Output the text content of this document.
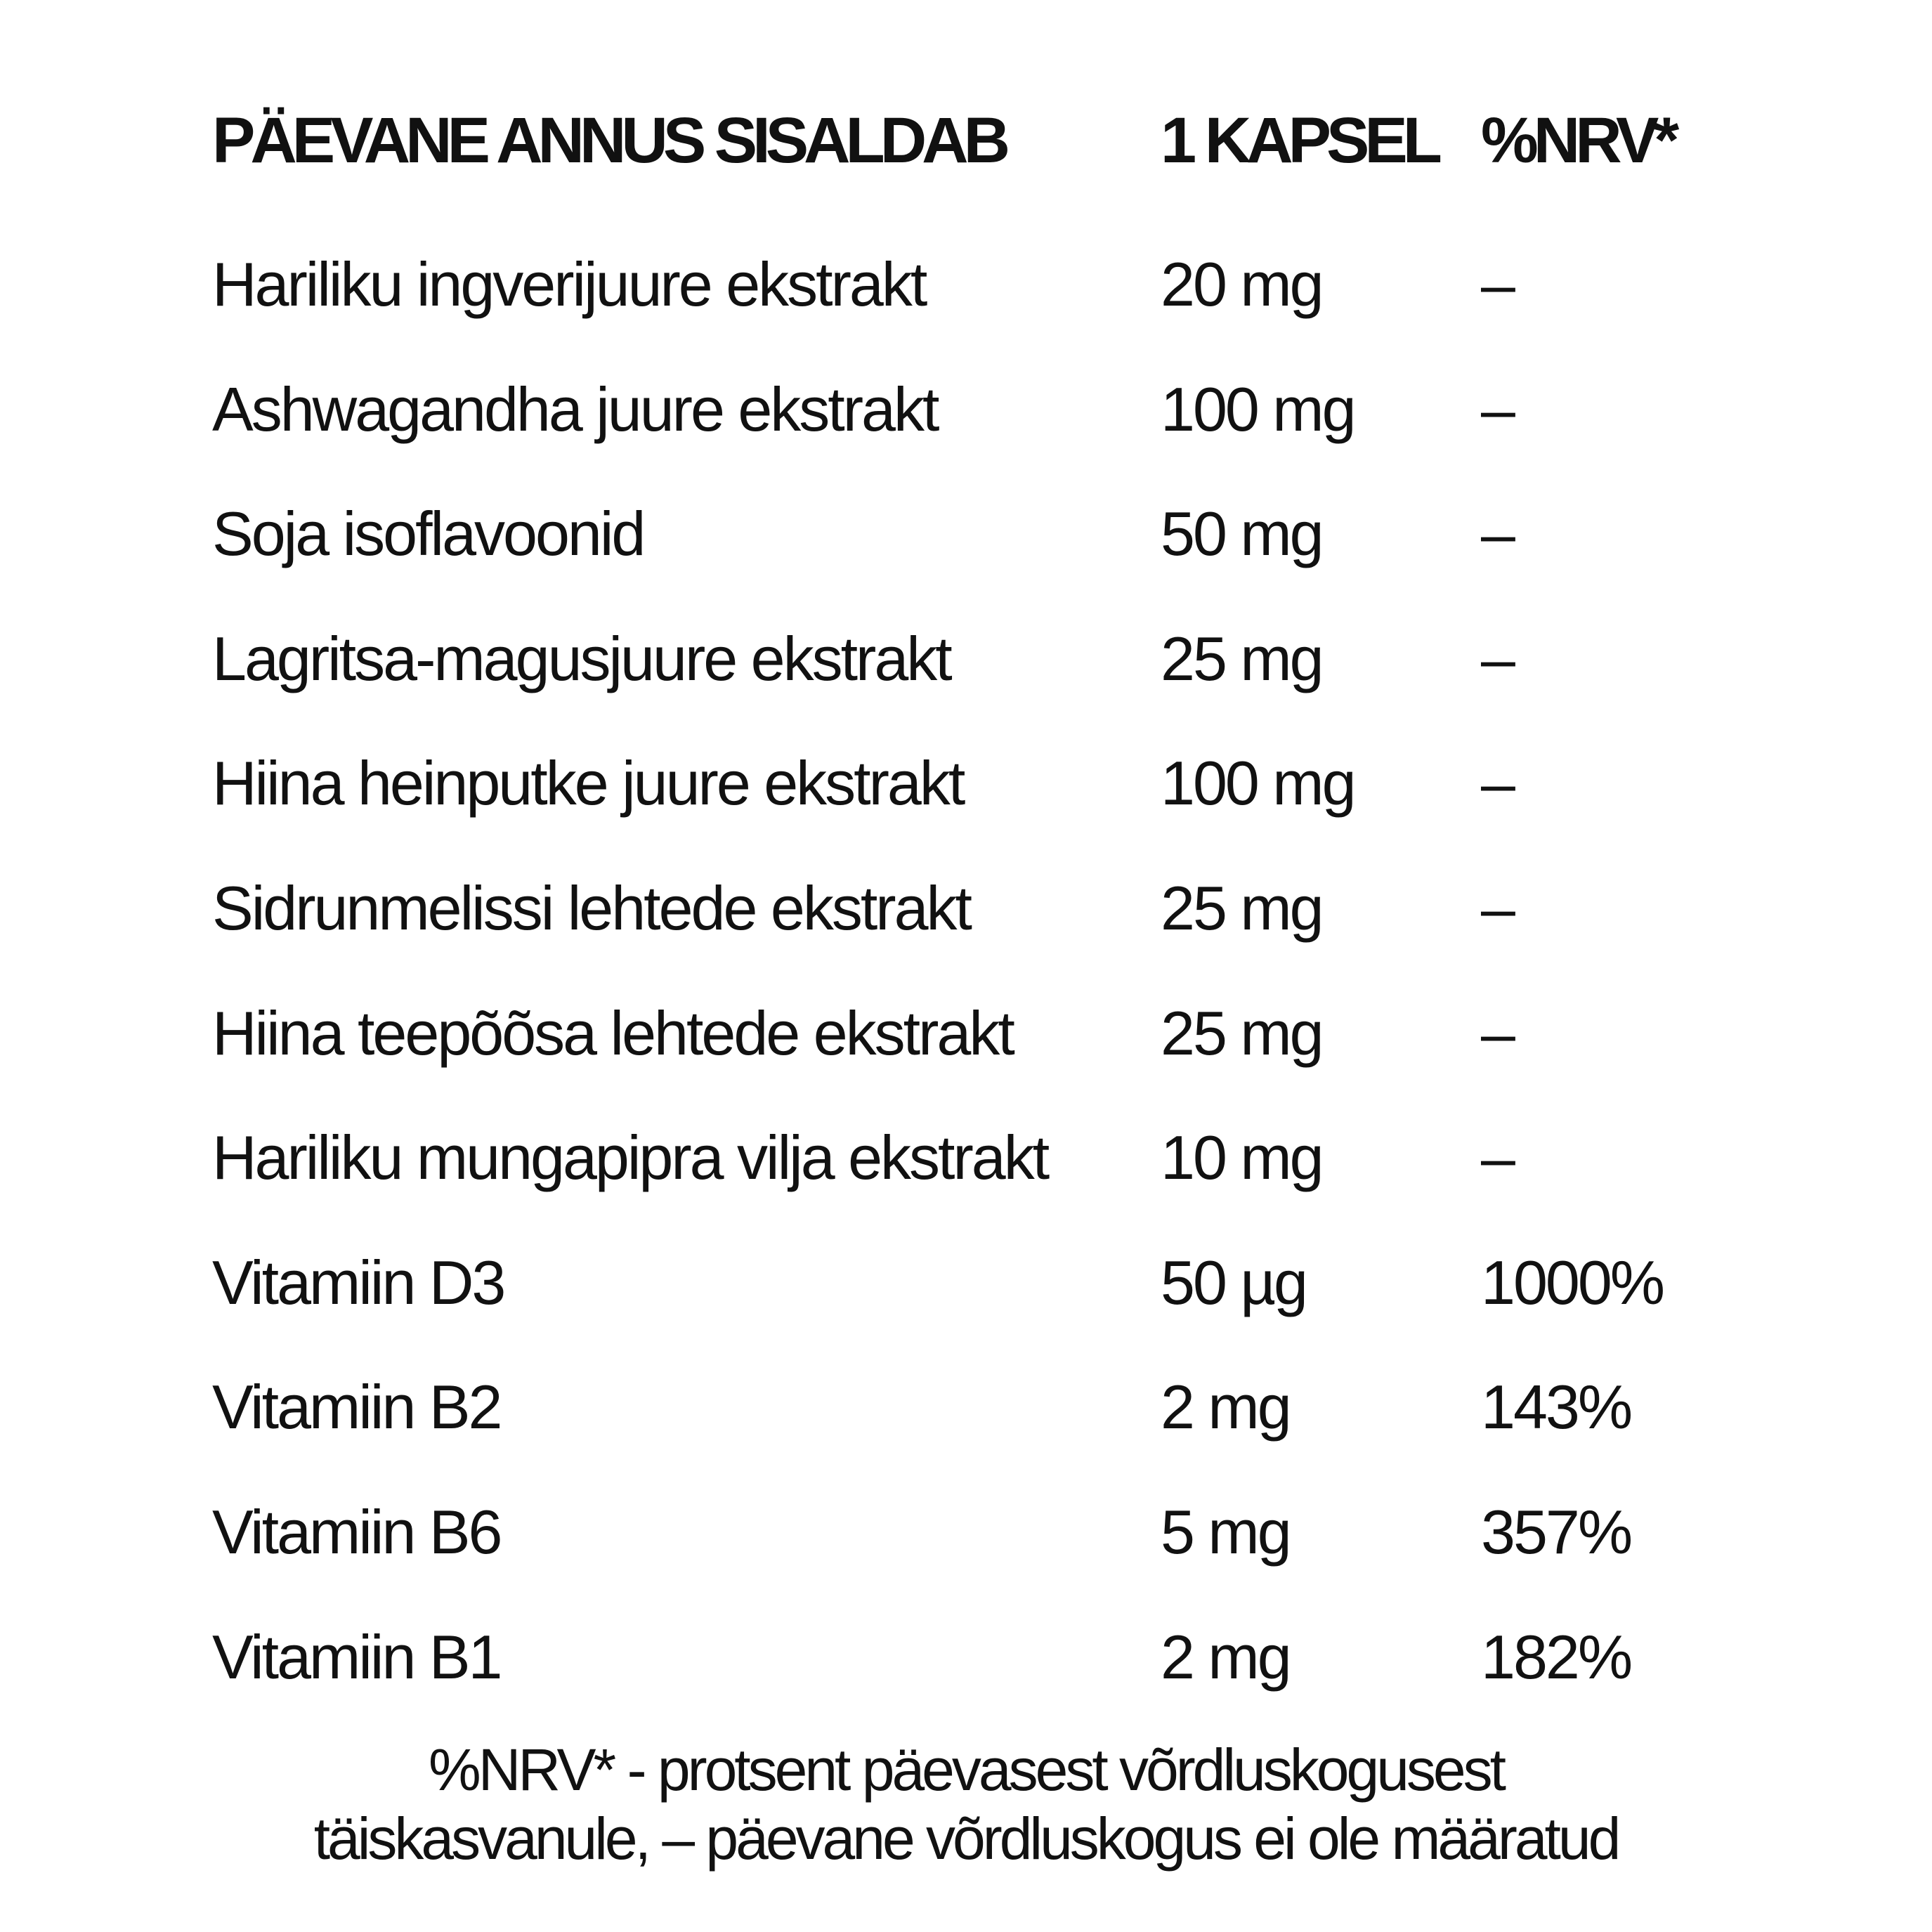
PÄEVANE ANNUS SISALDAB 1 KAPSEL %NRV*
Hariliku ingverijuure ekstrakt	20 mg	–
Ashwagandha juure ekstrakt	100 mg –
Soja isoflavoonid	50 mg	–
Lagritsa-magusjuure ekstrakt	25 mg	–
Hiina heinputke juure ekstrakt	100 mg –
Sidrunmelissi lehtede ekstrakt	25 mg	–
Hiina teepõõsa lehtede ekstrakt 25 mg	–
Hariliku mungapipra vilja ekstrakt 10 mg	–
Vitamiin D3	50 µg	1000%
Vitamiin B2	2 mg	143%
Vitamiin B6	5 mg	357%
Vitamiin B1	2 mg	182%
%NRV* - protsent päevasest võrdluskogusest
täiskasvanule, – päevane võrdluskogus ei ole määratud
